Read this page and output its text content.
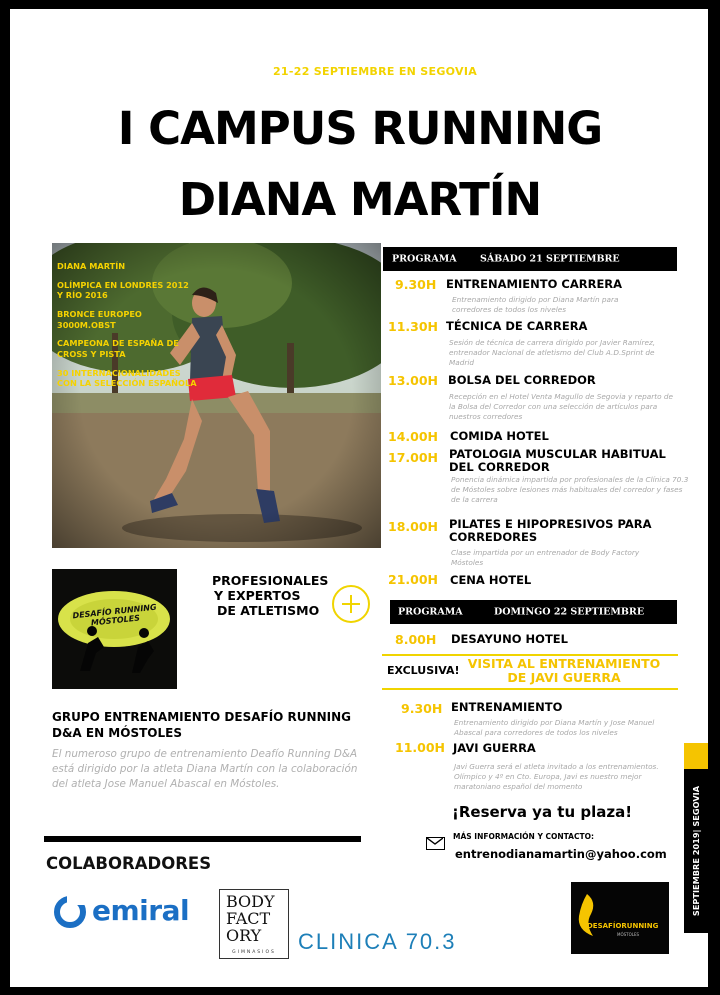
21-22 SEPTIEMBRE EN SEGOVIA
I CAMPUS RUNNING
DIANA MARTÍN

DIANA MARTÍN

OLÍMPICA EN LONDRES 2012 Y RÍO 2016

BRONCE EUROPEO 3000M.OBST

CAMPEONA DE ESPAÑA DE CROSS Y PISTA

30 INTERNACIONALIDADES CON LA SELECCIÓN ESPAÑOLA

PROGRAMA SÁBADO 21 SEPTIEMBRE
9.30H ENTRENAMIENTO CARRERA
Entrenamiento dirigido por Diana Martín para corredores de todos los niveles
11.30H TÉCNICA DE CARRERA
Sesión de técnica de carrera dirigido por Javier Ramírez, entrenador Nacional de atletismo del Club A.D.Sprint de Madrid
13.00H BOLSA DEL CORREDOR
Recepción en el Hotel Venta Magullo de Segovia y reparto de la Bolsa del Corredor con una selección de artículos para nuestros corredores
14.00H COMIDA HOTEL
17.00H PATOLOGIA MUSCULAR HABITUAL DEL CORREDOR
Ponencia dinámica impartida por profesionales de la Clínica 70.3 de Móstoles sobre lesiones más habituales del corredor y fases de la carrera
18.00H PILATES E HIPOPRESIVOS PARA CORREDORES
Clase impartida por un entrenador de Body Factory Móstoles
21.00H CENA HOTEL
PROGRAMA	DOMINGO 22 SEPTIEMBRE
8.00H DESAYUNO HOTEL
EXCLUSIVA! VISITA AL ENTRENAMIENTO
DE JAVI GUERRA
9.30H ENTRENAMIENTO
Entrenamiento dirigido por Diana Martín y Jose Manuel Abascal para corredores de todos los niveles
11.00H JAVI GUERRA
Javi Guerra será el atleta invitado a los entrenamientos. Olímpico y 4º en Cto. Europa, Javi es nuestro mejor maratoniano español del momento
¡Reserva ya tu plaza!
MÁS INFORMACIÓN Y CONTACTO:
entrenodianamartin@yahoo.com	SEPTIEMBRE 2019| SEGOVIA
DESAFÍO RUNNING MÓSTOLES
PROFESIONALES
Y EXPERTOS
DE ATLETISMO
GRUPO ENTRENAMIENTO DESAFÍO RUNNING
D&A EN MÓSTOLES
El numeroso grupo de entrenamiento Deafío Running D&A está dirigido por la atleta Diana Martín con la colaboración del atleta Jose Manuel Abascal en Móstoles.
COLABORADORES
emiral BODY
FACT
ORY
GIMNASIOS	CLINICA 70.3
DESAFÍORUNNING
MÓSTOLES
